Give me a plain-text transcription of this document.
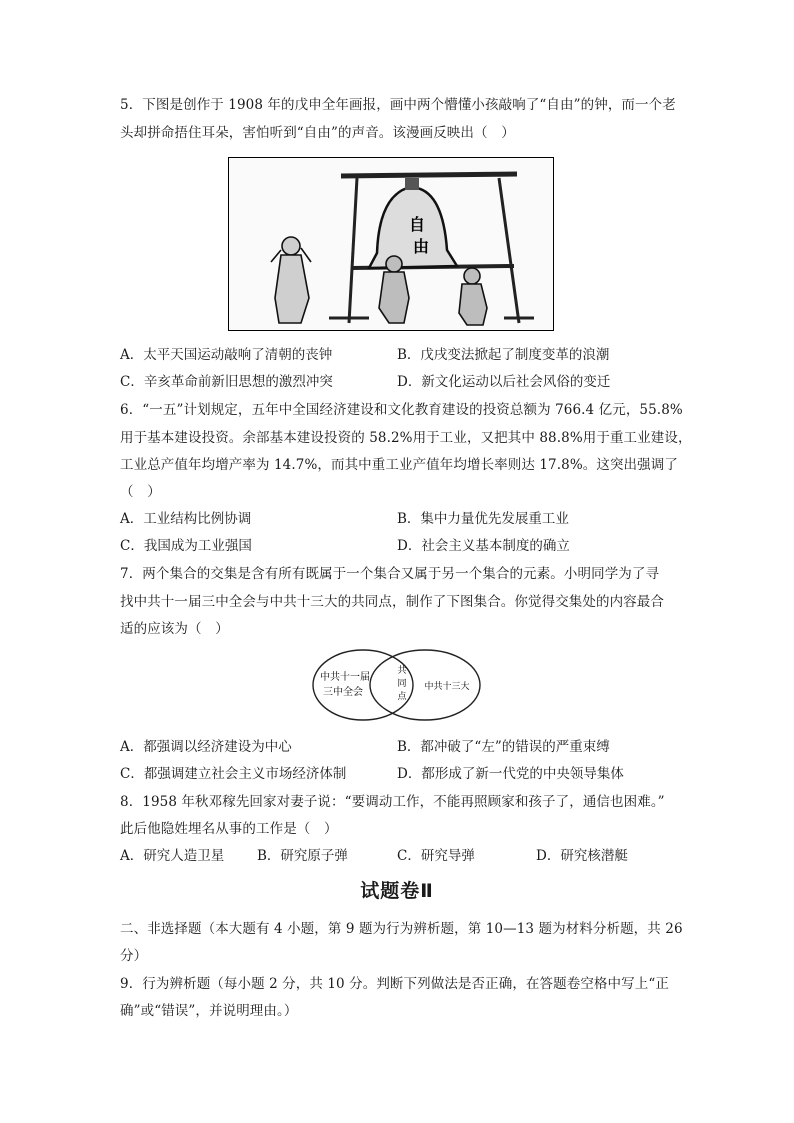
5．下图是创作于 1908 年的戊申全年画报，画中两个懵懂小孩敲响了“自由”的钟，而一个老
头却拼命捂住耳朵，害怕听到“自由”的声音。该漫画反映出（　）
自
由
A．太平天国运动敲响了清朝的丧钟	B．戊戌变法掀起了制度变革的浪潮
C．辛亥革命前新旧思想的激烈冲突	D．新文化运动以后社会风俗的变迁
6．“一五”计划规定，五年中全国经济建设和文化教育建设的投资总额为 766.4 亿元，55.8%
用于基本建设投资。余部基本建设投资的 58.2%用于工业，又把其中 88.8%用于重工业建设，
工业总产值年均增产率为 14.7%，而其中重工业产值年均增长率则达 17.8%。这突出强调了
（　）
A．工业结构比例协调	B．集中力量优先发展重工业
C．我国成为工业强国	D．社会主义基本制度的确立
7．两个集合的交集是含有所有既属于一个集合又属于另一个集合的元素。小明同学为了寻
找中共十一届三中全会与中共十三大的共同点，制作了下图集合。你觉得交集处的内容最合
适的应该为（　）
中共十一届
三中全会
共
同
点
中共十三大
A．都强调以经济建设为中心	B．都冲破了“左”的错误的严重束缚
C．都强调建立社会主义市场经济体制	D．都形成了新一代党的中央领导集体
8．1958 年秋邓稼先回家对妻子说：“要调动工作，不能再照顾家和孩子了，通信也困难。”
此后他隐姓埋名从事的工作是（　）
A．研究人造卫星 B．研究原子弹	C．研究导弹	D．研究核潜艇
试题卷Ⅱ
二、非选择题（本大题有 4 小题，第 9 题为行为辨析题，第 10—13 题为材料分析题，共 26
分）
9．行为辨析题（每小题 2 分，共 10 分。判断下列做法是否正确，在答题卷空格中写上“正
确”或“错误”，并说明理由。）
